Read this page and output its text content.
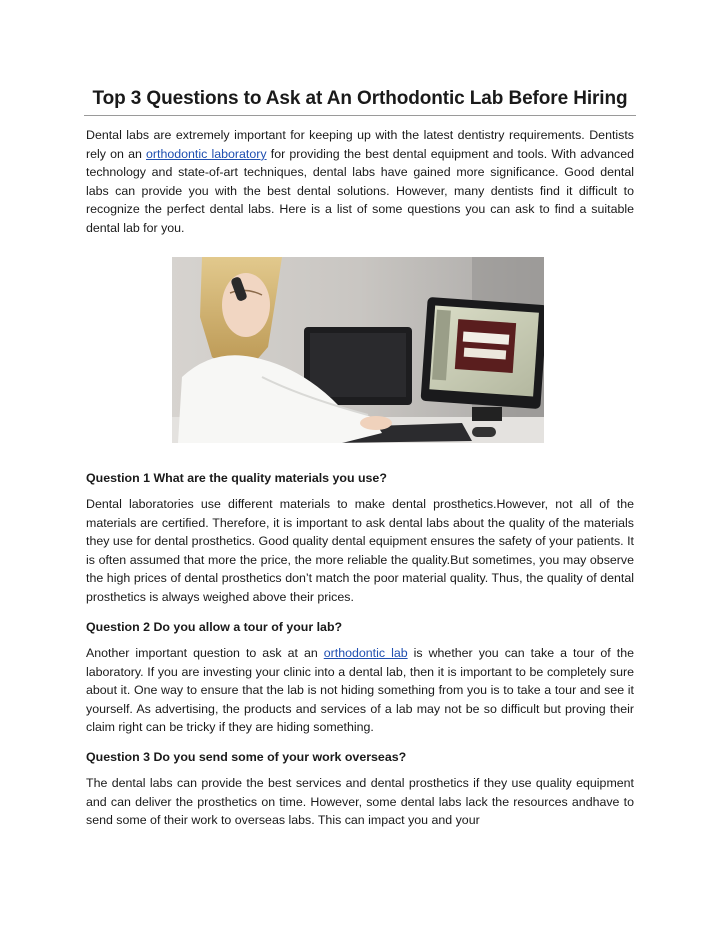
Top 3 Questions to Ask at An Orthodontic Lab Before Hiring

Dental labs are extremely important for keeping up with the latest dentistry requirements. Dentists rely on an orthodontic laboratory for providing the best dental equipment and tools. With advanced technology and state-of-art techniques, dental labs have gained more significance. Good dental labs can provide you with the best dental solutions. However, many dentists find it difficult to recognize the perfect dental labs. Here is a list of some questions you can ask to find a suitable dental lab for you.

Question 1 What are the quality materials you use?

Dental laboratories use different materials to make dental prosthetics.However, not all of the materials are certified. Therefore, it is important to ask dental labs about the quality of the materials they use for dental prosthetics. Good quality dental equipment ensures the safety of your patients. It is often assumed that more the price, the more reliable the quality.But sometimes, you may observe the high prices of dental prosthetics don’t match the poor material quality. Thus, the quality of dental prosthetics is always weighed above their prices.

Question 2 Do you allow a tour of your lab?

Another important question to ask at an orthodontic lab is whether you can take a tour of the laboratory. If you are investing your clinic into a dental lab, then it is important to be completely sure about it. One way to ensure that the lab is not hiding something from you is to take a tour and see it yourself. As advertising, the products and services of a lab may not be so difficult but proving their claim right can be tricky if they are hiding something.

Question 3 Do you send some of your work overseas?

The dental labs can provide the best services and dental prosthetics if they use quality equipment and can deliver the prosthetics on time. However, some dental labs lack the resources andhave to send some of their work to overseas labs. This can impact you and your
